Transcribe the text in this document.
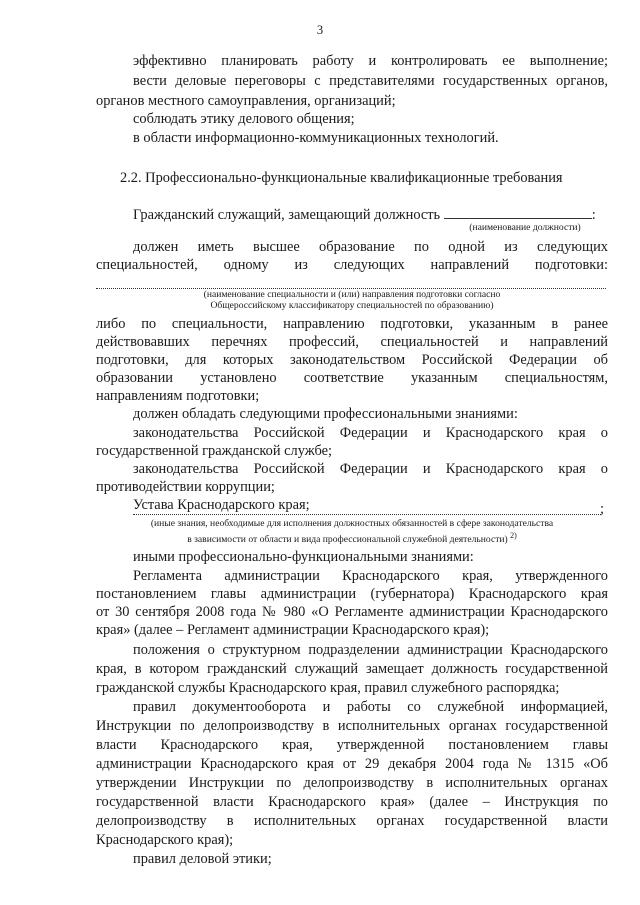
3
эффективно планировать работу и контролировать ее выполнение;
вести деловые переговоры с представителями государственных органов,
органов местного самоуправления, организаций;
соблюдать этику делового общения;
в области информационно-коммуникационных технологий.
2.2. Профессионально-функциональные квалификационные требования
Гражданский служащий, замещающий должность	:
(наименование должности)
должен иметь высшее образование по одной из следующих
специальностей, одному из следующих направлений подготовки:
(наименование специальности и (или) направления подготовки согласно
Общероссийскому классификатору специальностей по образованию)
либо по специальности, направлению подготовки, указанным в ранее
действовавших перечнях профессий, специальностей и направлений
подготовки, для которых законодательством Российской Федерации об
образовании установлено соответствие указанным специальностям,
направлениям подготовки;
должен обладать следующими профессиональными знаниями:
законодательства Российской Федерации и Краснодарского края о
государственной гражданской службе;
законодательства Российской Федерации и Краснодарского края о
противодействии коррупции;
Устава Краснодарского края;	;
(иные знания, необходимые для исполнения должностных обязанностей в сфере законодательства
в зависимости от области и вида профессиональной служебной деятельности) $^{2)}$
иными профессионально-функциональными знаниями:
Регламента администрации Краснодарского края, утвержденного
постановлением главы администрации (губернатора) Краснодарского края
от 30 сентября 2008 года № 980 «О Регламенте администрации Краснодарского
края» (далее – Регламент администрации Краснодарского края);
положения о структурном подразделении администрации Краснодарского
края, в котором гражданский служащий замещает должность государственной
гражданской службы Краснодарского края, правил служебного распорядка;
правил документооборота и работы со служебной информацией,
Инструкции по делопроизводству в исполнительных органах государственной
власти Краснодарского края, утвержденной постановлением главы
администрации Краснодарского края от 29 декабря 2004 года № 1315 «Об
утверждении Инструкции по делопроизводству в исполнительных органах
государственной власти Краснодарского края» (далее – Инструкция по
делопроизводству в исполнительных органах государственной власти
Краснодарского края);
правил деловой этики;
